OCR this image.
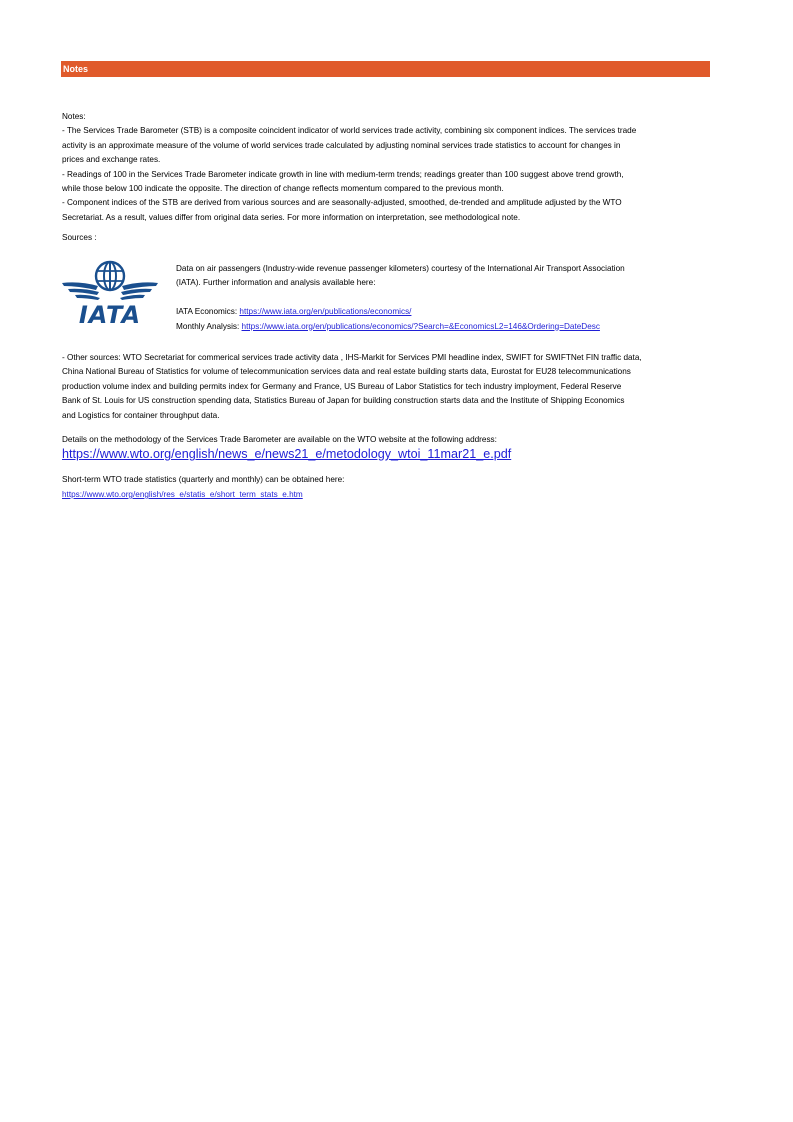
Notes
Notes:
- The Services Trade Barometer (STB) is a composite coincident indicator of world services trade activity, combining six component indices. The services trade
activity is an approximate measure of the volume of world services trade calculated by adjusting nominal services trade statistics to account for changes in
prices and exchange rates.
- Readings of 100 in the Services Trade Barometer indicate growth in line with medium-term trends; readings greater than 100 suggest above trend growth,
while those below 100 indicate the opposite. The direction of change reflects momentum compared to the previous month.
- Component indices of the STB are derived from various sources and are seasonally-adjusted, smoothed, de-trended and amplitude adjusted by the WTO
Secretariat. As a result, values differ from original data series. For more information on interpretation, see methodological note.
Sources :
IATA
Data on air passengers (Industry-wide revenue passenger kilometers) courtesy of the International Air Transport Association
(IATA). Further information and analysis available here:

IATA Economics: https://www.iata.org/en/publications/economics/
Monthly Analysis: https://www.iata.org/en/publications/economics/?Search=&EconomicsL2=146&Ordering=DateDesc
- Other sources: WTO Secretariat for commerical services trade activity data , IHS-Markit for Services PMI headline index, SWIFT for SWIFTNet FIN traffic data,
China National Bureau of Statistics for volume of telecommunication services data and real estate building starts data, Eurostat for EU28 telecommunications
production volume index and building permits index for Germany and France, US Bureau of Labor Statistics for tech industry imployment, Federal Reserve
Bank of St. Louis for US construction spending data, Statistics Bureau of Japan for building construction starts data and the Institute of Shipping Economics
and Logistics for container throughput data.
Details on the methodology of the Services Trade Barometer are available on the WTO website at the following address:
https://www.wto.org/english/news_e/news21_e/metodology_wtoi_11mar21_e.pdf
Short-term WTO trade statistics (quarterly and monthly) can be obtained here:
https://www.wto.org/english/res_e/statis_e/short_term_stats_e.htm
